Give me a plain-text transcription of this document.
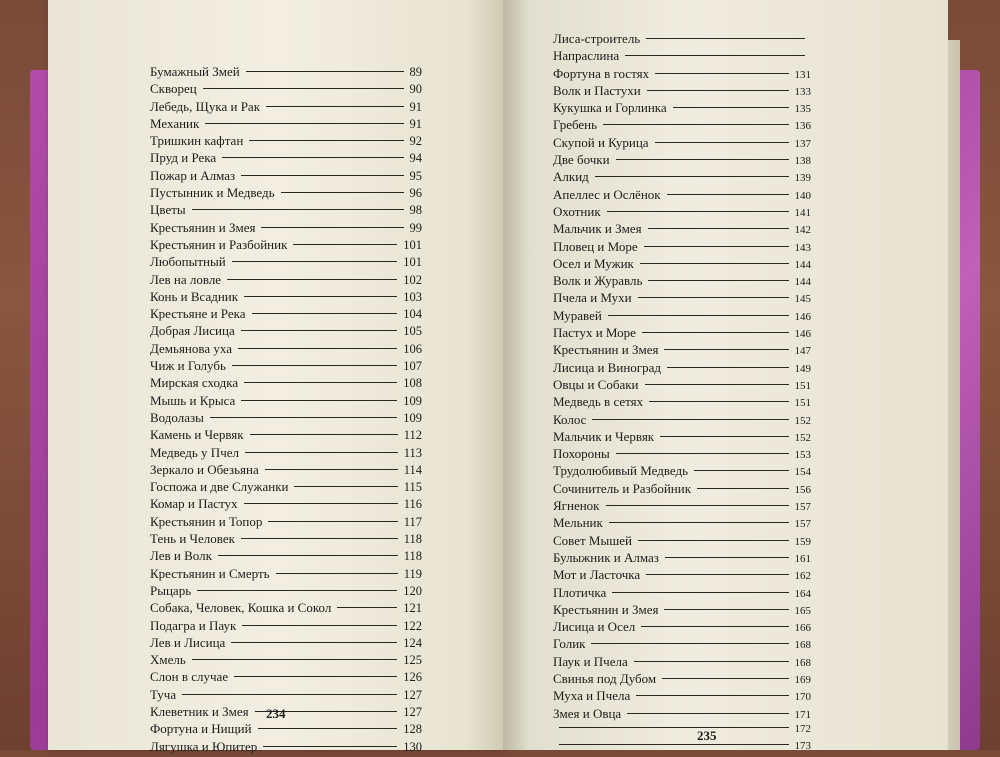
Бумажный Змей	89
Скворец	90
Лебедь, Щука и Рак	91
Механик	91
Тришкин кафтан	92
Пруд и Река	94
Пожар и Алмаз	95
Пустынник и Медведь	96
Цветы	98
Крестьянин и Змея	99
Крестьянин и Разбойник	101
Любопытный	101
Лев на ловле	102
Конь и Всадник	103
Крестьяне и Река	104
Добрая Лисица	105
Демьянова уха	106
Чиж и Голубь	107
Мирская сходка	108
Мышь и Крыса	109
Водолазы	109
Камень и Червяк	112
Медведь у Пчел	113
Зеркало и Обезьяна	114
Госпожа и две Служанки	115
Комар и Пастух	116
Крестьянин и Топор	117
Тень и Человек	118
Лев и Волк	118
Крестьянин и Смерть	119
Рыцарь	120
Собака, Человек, Кошка и Сокол	121
Подагра и Паук	122
Лев и Лисица	124
Хмель	125
Слон в случае	126
Туча	127
Клеветник и Змея	127
Фортуна и Нищий	128
Лягушка и Юпитер	130
Лиса-строитель
Напраслина
Фортуна в гостях	131
Волк и Пастухи	133
Кукушка и Горлинка	135
Гребень	136
Скупой и Курица	137
Две бочки	138
Алкид	139
Апеллес и Ослёнок	140
Охотник	141
Мальчик и Змея	142
Пловец и Море	143
Осел и Мужик	144
Волк и Журавль	144
Пчела и Мухи	145
Муравей	146
Пастух и Море	146
Крестьянин и Змея	147
Лисица и Виноград	149
Овцы и Собаки	151
Медведь в сетях	151
Колос	152
Мальчик и Червяк	152
Похороны	153
Трудолюбивый Медведь	154
Сочинитель и Разбойник	156
Ягненок	157
Мельник	157
Совет Мышей	159
Булыжник и Алмаз	161
Мот и Ласточка	162
Плотичка	164
Крестьянин и Змея	165
Лисица и Осел	166
Голик	168
Паук и Пчела	168
Свинья под Дубом	169
Муха и Пчела	170
Змея и Овца	171
172
173
234
235
